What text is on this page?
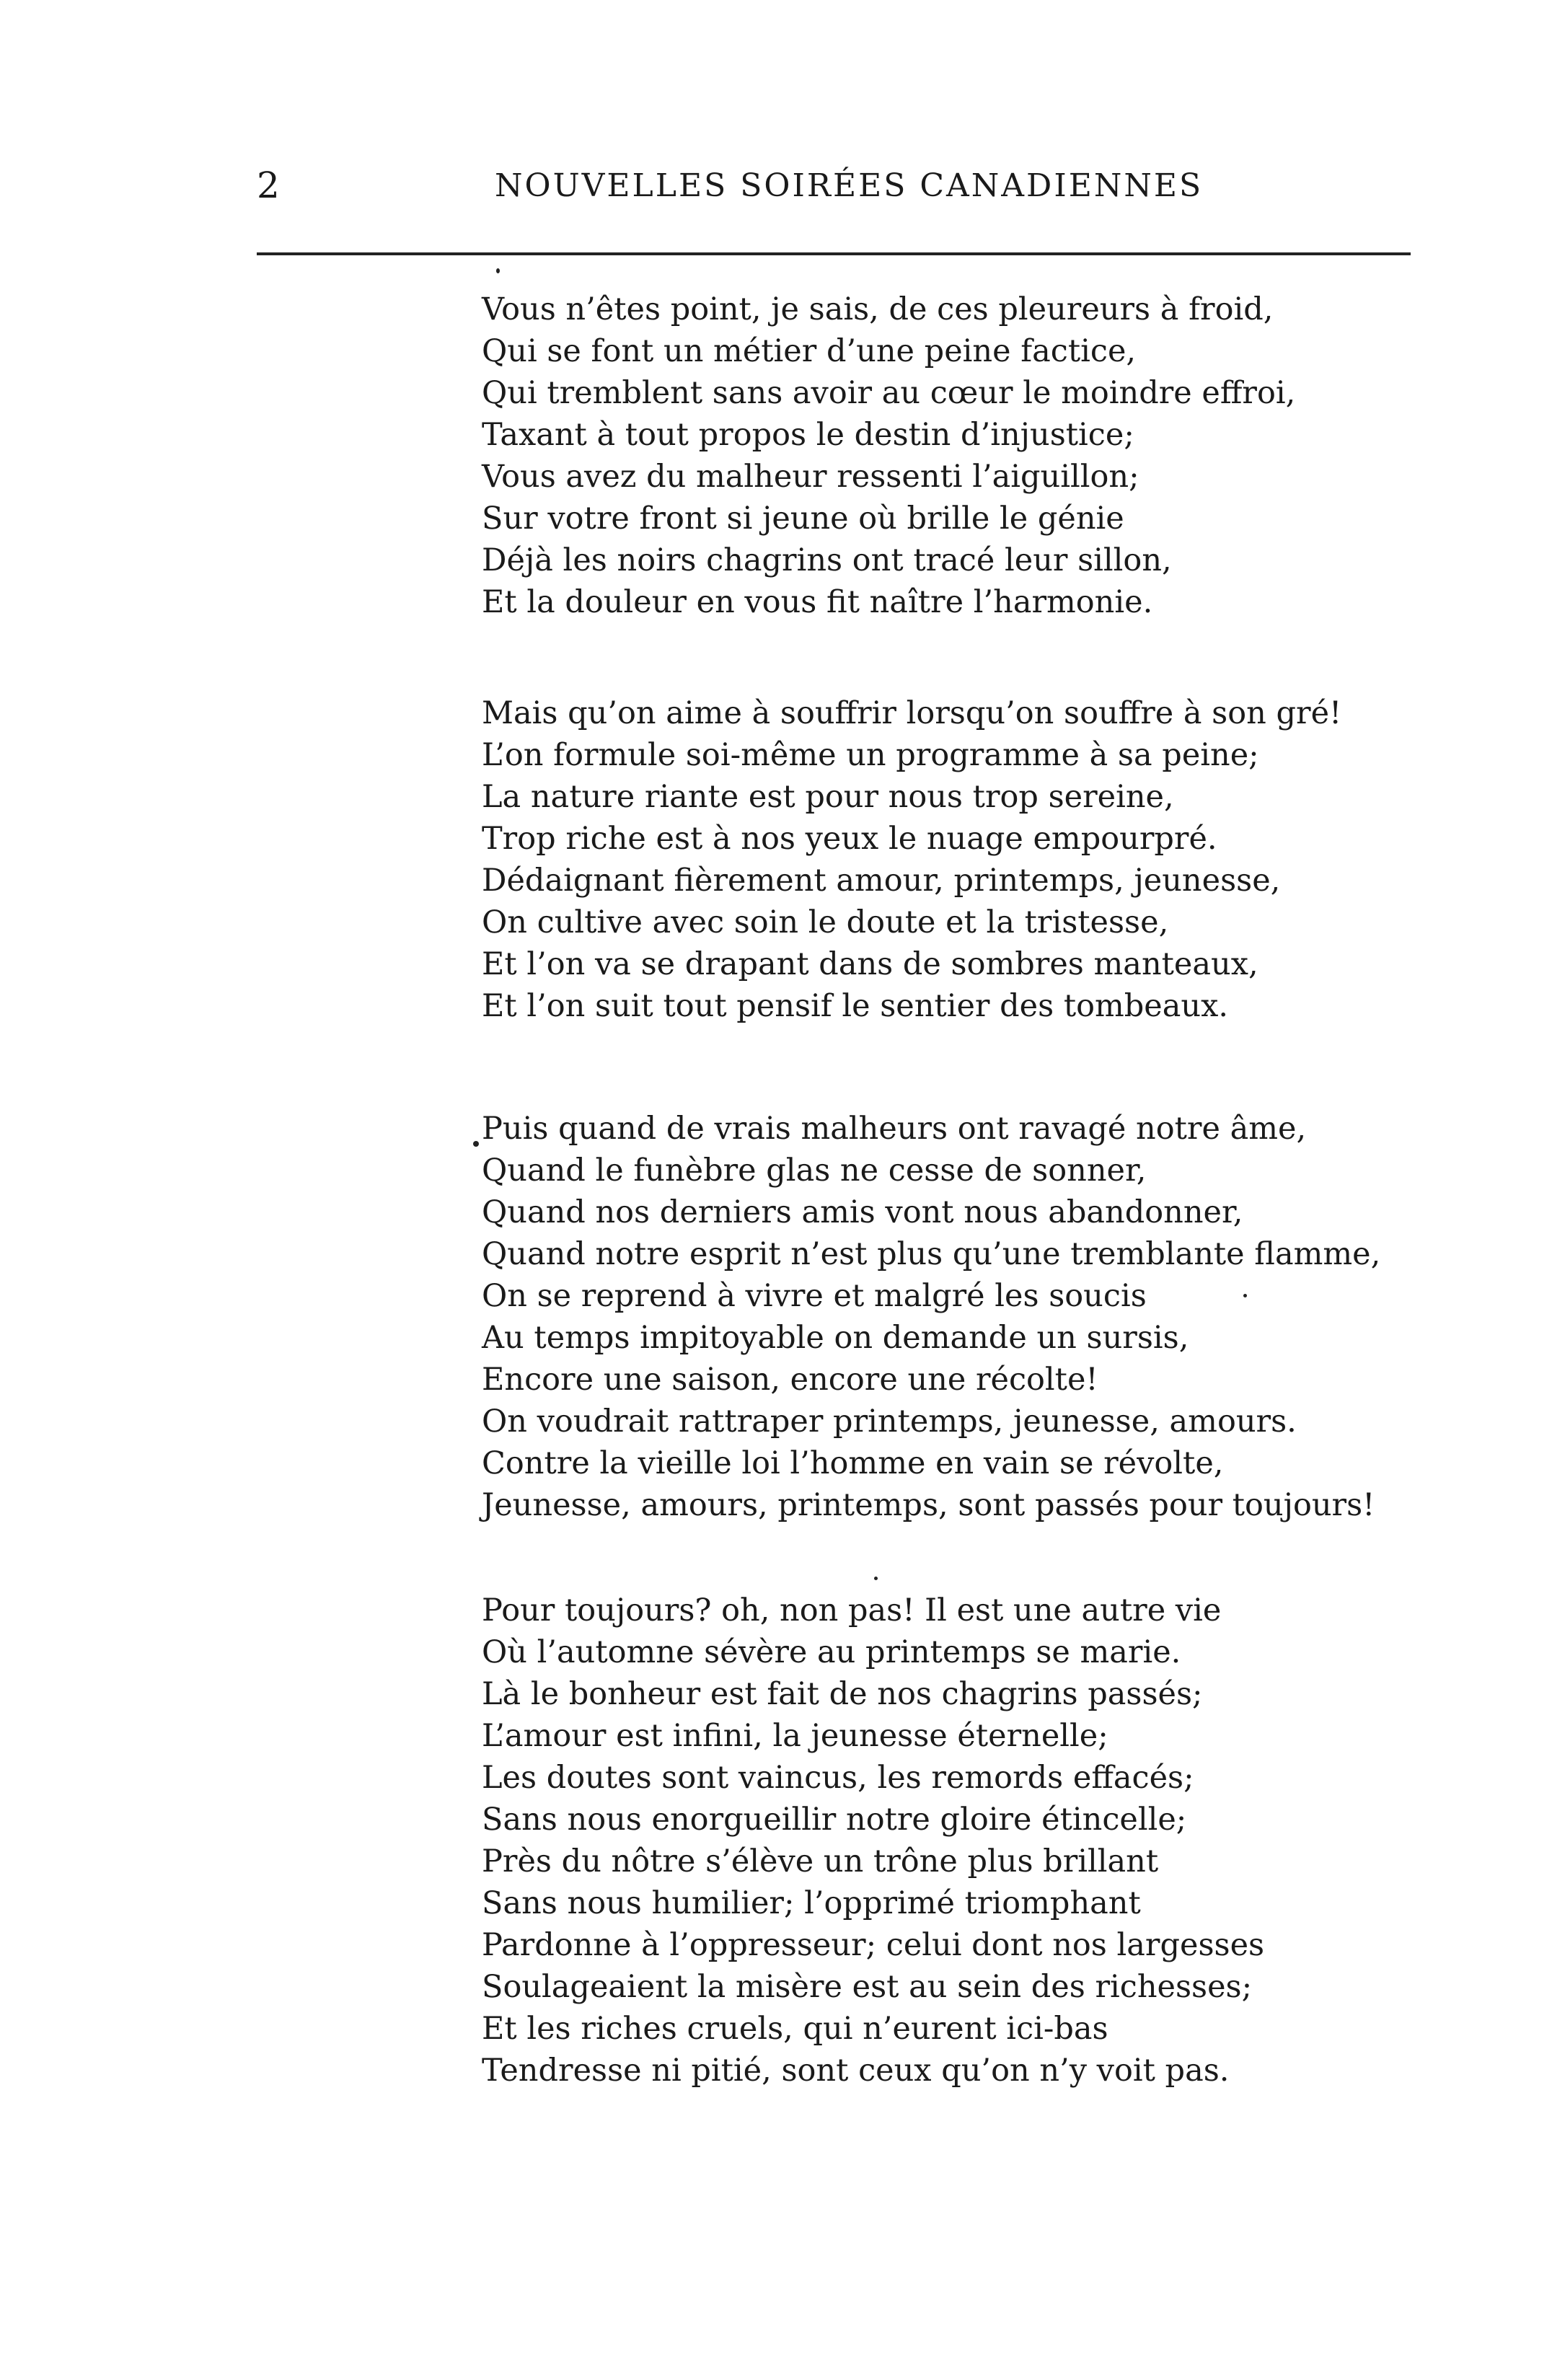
2	NOUVELLES SOIRÉES CANADIENNES
Vous n’êtes point, je sais, de ces pleureurs à froid,
Qui se font un métier d’une peine factice,
Qui tremblent sans avoir au cœur le moindre effroi,
Taxant à tout propos le destin d’injustice;
Vous avez du malheur ressenti l’aiguillon;
Sur votre front si jeune où brille le génie
Déjà les noirs chagrins ont tracé leur sillon,
Et la douleur en vous fit naître l’harmonie.
Mais qu’on aime à souffrir lorsqu’on souffre à son gré!
L’on formule soi-même un programme à sa peine;
La nature riante est pour nous trop sereine,
Trop riche est à nos yeux le nuage empourpré.
Dédaignant fièrement amour, printemps, jeunesse,
On cultive avec soin le doute et la tristesse,
Et l’on va se drapant dans de sombres manteaux,
Et l’on suit tout pensif le sentier des tombeaux.
Puis quand de vrais malheurs ont ravagé notre âme,
Quand le funèbre glas ne cesse de sonner,
Quand nos derniers amis vont nous abandonner,
Quand notre esprit n’est plus qu’une tremblante flamme,
On se reprend à vivre et malgré les soucis
Au temps impitoyable on demande un sursis,
Encore une saison, encore une récolte!
On voudrait rattraper printemps, jeunesse, amours.
Contre la vieille loi l’homme en vain se révolte,
Jeunesse, amours, printemps, sont passés pour toujours!
Pour toujours? oh, non pas! Il est une autre vie
Où l’automne sévère au printemps se marie.
Là le bonheur est fait de nos chagrins passés;
L’amour est infini, la jeunesse éternelle;
Les doutes sont vaincus, les remords effacés;
Sans nous enorgueillir notre gloire étincelle;
Près du nôtre s’élève un trône plus brillant
Sans nous humilier; l’opprimé triomphant
Pardonne à l’oppresseur; celui dont nos largesses
Soulageaient la misère est au sein des richesses;
Et les riches cruels, qui n’eurent ici-bas
Tendresse ni pitié, sont ceux qu’on n’y voit pas.
